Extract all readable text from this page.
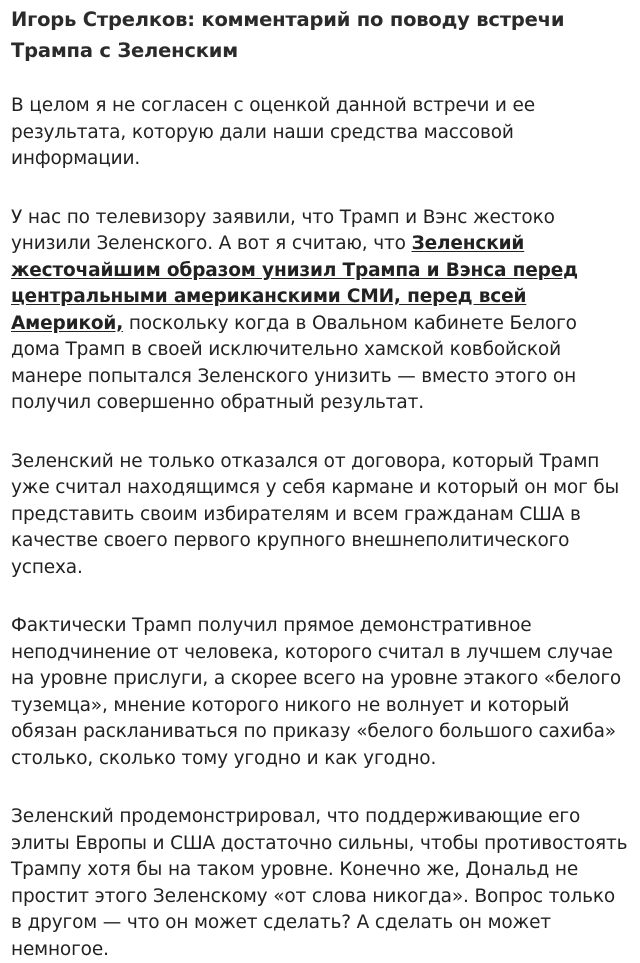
Игорь Стрелков: комментарий по поводу встречи Трампа с Зеленским

В целом я не согласен с оценкой данной встречи и ее результата, которую дали наши средства массовой информации.

У нас по телевизору заявили, что Трамп и Вэнс жестоко унизили Зеленского. А вот я считаю, что Зеленский жесточайшим образом унизил Трампа и Вэнса перед центральными американскими СМИ, перед всей Америкой, поскольку когда в Овальном кабинете Белого дома Трамп в своей исключительно хамской ковбойской манере попытался Зеленского унизить — вместо этого он получил совершенно обратный результат.

Зеленский не только отказался от договора, который Трамп уже считал находящимся у себя кармане и который он мог бы представить своим избирателям и всем гражданам США в качестве своего первого крупного внешнеполитического успеха.

Фактически Трамп получил прямое демонстративное неподчинение от человека, которого считал в лучшем случае на уровне прислуги, а скорее всего на уровне этакого «белого туземца», мнение которого никого не волнует и который обязан раскланиваться по приказу «белого большого сахиба» столько, сколько тому угодно и как угодно.

Зеленский продемонстрировал, что поддерживающие его элиты Европы и США достаточно сильны, чтобы противостоять Трампу хотя бы на таком уровне. Конечно же, Дональд не простит этого Зеленскому «от слова никогда». Вопрос только в другом — что он может сделать? А сделать он может немногое.
